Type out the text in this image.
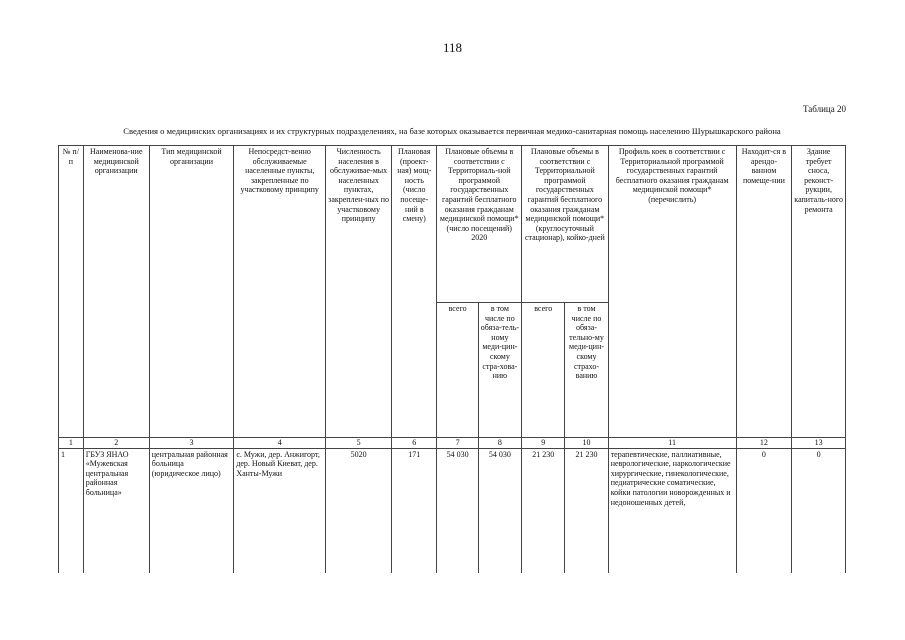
118
Таблица 20
Сведения о медицинских организациях и их структурных подразделениях, на базе которых оказывается первичная медико-санитарная помощь населению Шурышкарского района
№ п/п	Наименова-ние медицинской организации	Тип медицинской организации	Непосредст-венно обслуживаемые населенные пункты, закрепленные по участковому принципу	Численность населения в обслуживае-мых населенных пунктах, закреплен-ных по участковому принципу	Плановая (проект-ная) мощ-ность (число посеще-ний в смену)	Плановые объемы в соответствии с Территориаль-ной программой государственных гарантий бесплатного оказания гражданам медицинской помощи* (число посещений) 2020		Плановые объемы в соответствии с Территориальной программой государственных гарантий бесплатного оказания гражданам медицинской помощи* (круглосуточный стационар), койко-дней		Профиль коек в соответствии с Территориальной программой государственных гарантий бесплатного оказания гражданам медицинской помощи* (перечислить)	Находит-ся в арендо-ванном помеще-нии	Здание требует сноса, реконст-рукции, капиталь-ного ремонта
						всего	в том числе по обяза-тель-ному меди-цин-скому стра-хова-нию	всего	в том числе по обяза-тельно-му меди-цин-скому страхо-ванию			
1	2	3	4	5	6	7	8	9	10	11	12	13
1	ГБУЗ ЯНАО «Мужевская центральная районная больница»	центральная районная больница (юридическое лицо)	с. Мужи, дер. Анжигорт, дер. Новый Киеват, дер. Ханты-Мужи	5020	171	54 030	54 030	21 230	21 230	терапевтические, паллиативные, неврологические, наркологические хирургические, гинекологические, педиатрические соматические, койки патологии новорожденных и недоношенных детей,	0	0
